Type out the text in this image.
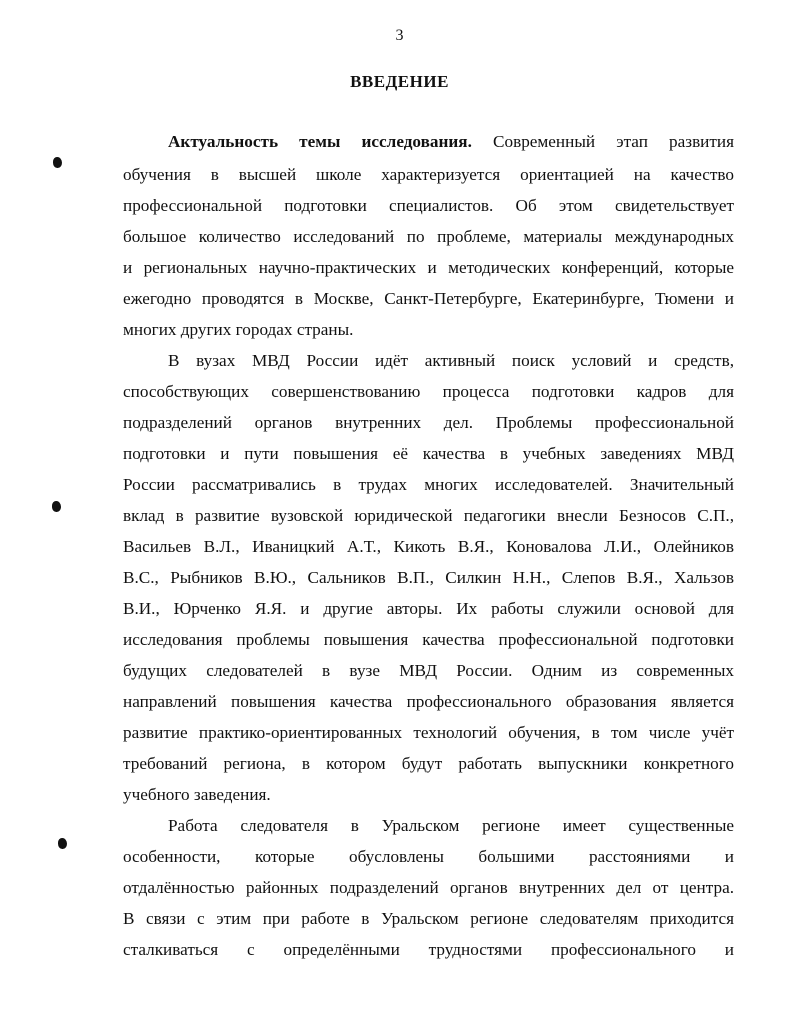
3
ВВЕДЕНИЕ
Актуальность темы исследования. Современный этап развития
обучения в высшей школе характеризуется ориентацией на качество
профессиональной подготовки специалистов. Об этом свидетельствует
большое количество исследований по проблеме, материалы международных
и региональных научно-практических и методических конференций, которые
ежегодно проводятся в Москве, Санкт-Петербурге, Екатеринбурге, Тюмени и
многих других городах страны.
В вузах МВД России идёт активный поиск условий и средств,
способствующих совершенствованию процесса подготовки кадров для
подразделений органов внутренних дел. Проблемы профессиональной
подготовки и пути повышения её качества в учебных заведениях МВД
России рассматривались в трудах многих исследователей. Значительный
вклад в развитие вузовской юридической педагогики внесли Безносов С.П.,
Васильев В.Л., Иваницкий А.Т., Кикоть В.Я., Коновалова Л.И., Олейников
В.С., Рыбников В.Ю., Сальников В.П., Силкин Н.Н., Слепов В.Я., Хальзов
В.И., Юрченко Я.Я. и другие авторы. Их работы служили основой для
исследования проблемы повышения качества профессиональной подготовки
будущих следователей в вузе МВД России. Одним из современных
направлений повышения качества профессионального образования является
развитие практико-ориентированных технологий обучения, в том числе учёт
требований региона, в котором будут работать выпускники конкретного
учебного заведения.
Работа следователя в Уральском регионе имеет существенные
особенности, которые обусловлены большими расстояниями и
отдалённостью районных подразделений органов внутренних дел от центра.
В связи с этим при работе в Уральском регионе следователям приходится
сталкиваться с определёнными трудностями профессионального и
